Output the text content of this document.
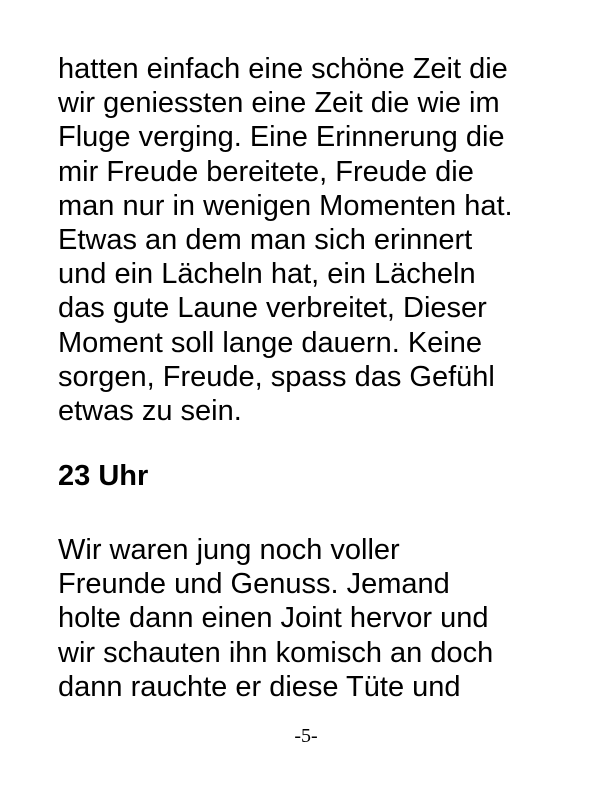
hatten einfach eine schöne Zeit die
wir geniessten eine Zeit die wie im
Fluge verging. Eine Erinnerung die
mir Freude bereitete, Freude die
man nur in wenigen Momenten hat.
Etwas an dem man sich erinnert
und ein Lächeln hat, ein Lächeln
das gute Laune verbreitet, Dieser
Moment soll lange dauern. Keine
sorgen, Freude, spass das Gefühl
etwas zu sein.
23 Uhr
Wir waren jung noch voller
Freunde und Genuss. Jemand
holte dann einen Joint hervor und
wir schauten ihn komisch an doch
dann rauchte er diese Tüte und
-5-
